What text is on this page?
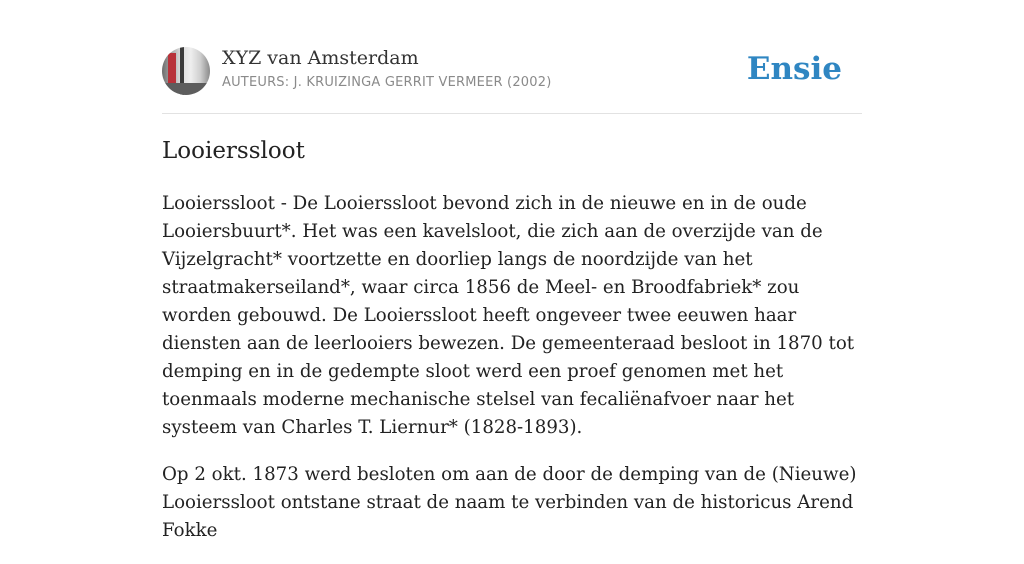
XYZ van Amsterdam
AUTEURS: J. KRUIZINGA GERRIT VERMEER (2002)	Ensie
Looierssloot

Looierssloot - De Looierssloot bevond zich in de nieuwe en in de oude Looiersbuurt*. Het was een kavelsloot, die zich aan de overzijde van de Vijzelgracht* voortzette en doorliep langs de noordzijde van het straatmakerseiland*, waar circa 1856 de Meel- en Broodfabriek* zou worden gebouwd. De Looierssloot heeft ongeveer twee eeuwen haar diensten aan de leerlooiers bewezen. De gemeenteraad besloot in 1870 tot demping en in de gedempte sloot werd een proef genomen met het toenmaals moderne mechanische stelsel van fecaliënafvoer naar het systeem van Charles T. Liernur* (1828-1893).

Op 2 okt. 1873 werd besloten om aan de door de demping van de (Nieuwe) Looierssloot ontstane straat de naam te verbinden van de historicus Arend Fokke
